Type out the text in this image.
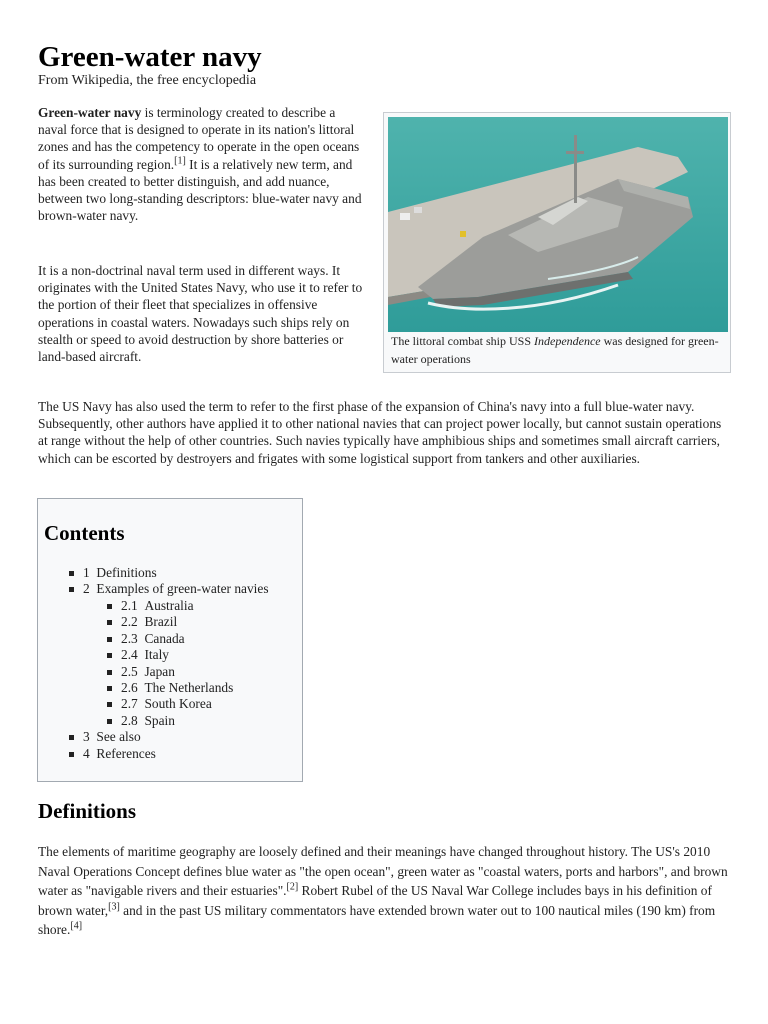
Green-water navy
From Wikipedia, the free encyclopedia

Green-water navy is terminology created to describe a naval force that is designed to operate in its nation's littoral zones and has the competency to operate in the open oceans of its surrounding region.[1] It is a relatively new term, and has been created to better distinguish, and add nuance, between two long-standing descriptors: blue-water navy and brown-water navy.

It is a non-doctrinal naval term used in different ways. It originates with the United States Navy, who use it to refer to the portion of their fleet that specializes in offensive operations in coastal waters. Nowadays such ships rely on stealth or speed to avoid destruction by shore batteries or land-based aircraft.

The littoral combat ship USS Independence was designed for green-water operations

The US Navy has also used the term to refer to the first phase of the expansion of China's navy into a full blue-water navy. Subsequently, other authors have applied it to other national navies that can project power locally, but cannot sustain operations at range without the help of other countries. Such navies typically have amphibious ships and sometimes small aircraft carriers, which can be escorted by destroyers and frigates with some logistical support from tankers and other auxiliaries.

Contents
1 Definitions
2 Examples of green-water navies
2.1 Australia
2.2 Brazil
2.3 Canada
2.4 Italy
2.5 Japan
2.6 The Netherlands
2.7 South Korea
2.8 Spain
3 See also
4 References
Definitions

The elements of maritime geography are loosely defined and their meanings have changed throughout history. The US's 2010 Naval Operations Concept defines blue water as "the open ocean", green water as "coastal waters, ports and harbors", and brown water as "navigable rivers and their estuaries".[2] Robert Rubel of the US Naval War College includes bays in his definition of brown water,[3] and in the past US military commentators have extended brown water out to 100 nautical miles (190 km) from shore.[4]
